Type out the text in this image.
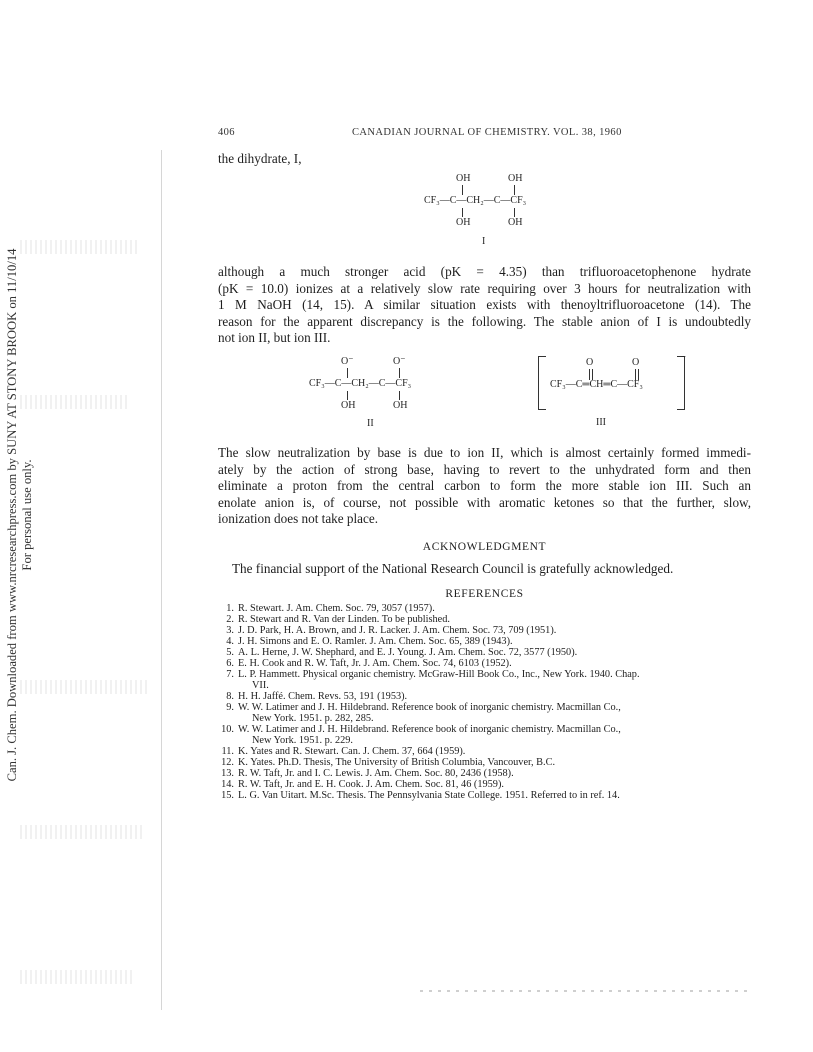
Can. J. Chem. Downloaded from www.nrcresearchpress.com by SUNY AT STONY BROOK on 11/10/14 For personal use only.
406	CANADIAN JOURNAL OF CHEMISTRY. VOL. 38, 1960
the dihydrate, I,
OH	OH
CF₃—C—CH₂—C—CF₃
OH	OH
I
although a much stronger acid (pK = 4.35) than trifluoroacetophenone hydrate
(pK = 10.0) ionizes at a relatively slow rate requiring over 3 hours for neutralization with
1 M NaOH (14, 15). A similar situation exists with thenoyltrifluoroacetone (14). The
reason for the apparent discrepancy is the following. The stable anion of I is undoubtedly
not ion II, but ion III.
O⁻	O⁻
CF₃—C—CH₂—C—CF₃
OH	OH
II
⁻
O	O
CF₃—C═CH═C—CF₃
III
The slow neutralization by base is due to ion II, which is almost certainly formed immedi-
ately by the action of strong base, having to revert to the unhydrated form and then
eliminate a proton from the central carbon to form the more stable ion III. Such an
enolate anion is, of course, not possible with aromatic ketones so that the further, slow,
ionization does not take place.
ACKNOWLEDGMENT
The financial support of the National Research Council is gratefully acknowledged.
REFERENCES
1. R. Stewart. J. Am. Chem. Soc. 79, 3057 (1957).
2. R. Stewart and R. Van der Linden. To be published.
3. J. D. Park, H. A. Brown, and J. R. Lacker. J. Am. Chem. Soc. 73, 709 (1951).
4. J. H. Simons and E. O. Ramler. J. Am. Chem. Soc. 65, 389 (1943).
5. A. L. Herne, J. W. Shephard, and E. J. Young. J. Am. Chem. Soc. 72, 3577 (1950).
6. E. H. Cook and R. W. Taft, Jr. J. Am. Chem. Soc. 74, 6103 (1952).
7. L. P. Hammett. Physical organic chemistry. McGraw-Hill Book Co., Inc., New York. 1940. Chap.
VII.
8. H. H. Jaffé. Chem. Revs. 53, 191 (1953).
9. W. W. Latimer and J. H. Hildebrand. Reference book of inorganic chemistry. Macmillan Co.,
New York. 1951. p. 282, 285.
10. W. W. Latimer and J. H. Hildebrand. Reference book of inorganic chemistry. Macmillan Co.,
New York. 1951. p. 229.
11. K. Yates and R. Stewart. Can. J. Chem. 37, 664 (1959).
12. K. Yates. Ph.D. Thesis, The University of British Columbia, Vancouver, B.C.
13. R. W. Taft, Jr. and I. C. Lewis. J. Am. Chem. Soc. 80, 2436 (1958).
14. R. W. Taft, Jr. and E. H. Cook. J. Am. Chem. Soc. 81, 46 (1959).
15. L. G. Van Uitart. M.Sc. Thesis. The Pennsylvania State College. 1951. Referred to in ref. 14.
